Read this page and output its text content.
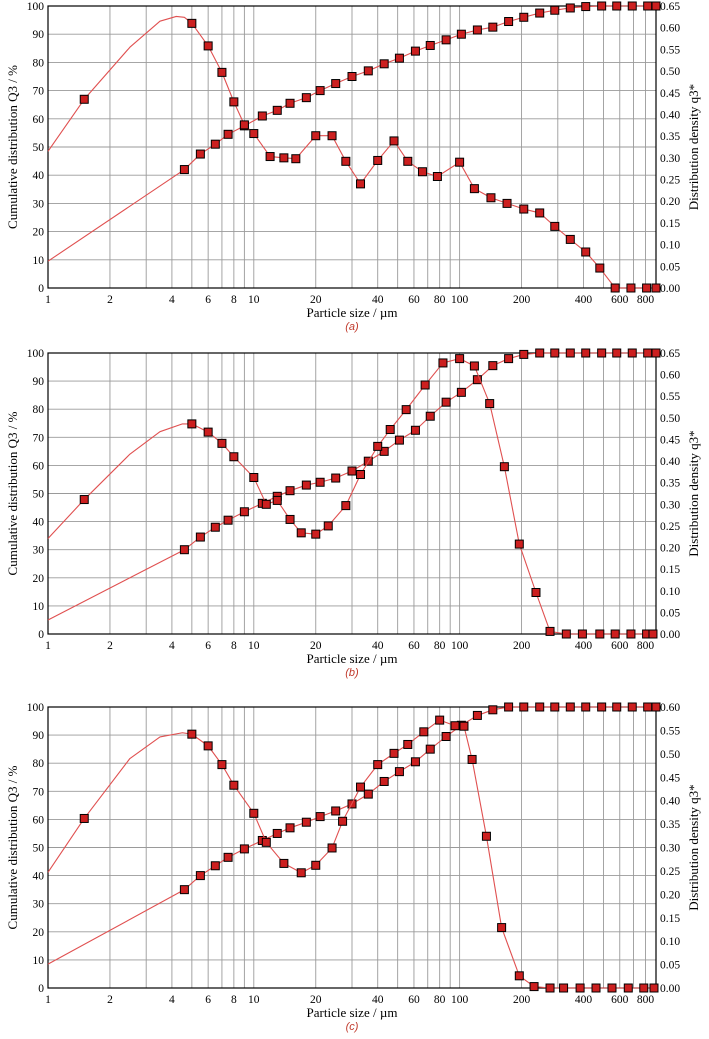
1	2	4	6 8 10	20	40 60 80 100	200	400 600 800
0
10
20
30
40
50
60
70
80
90
100
0.00
0.05
0.10
0.15
0.20
0.25
0.30
0.35
0.40
0.45
0.50
0.55
0.60
0.65
Particle size / µm
Cumulative distribution Q3 / %	Distribution density q3*
(a)
1	2	4	6 8 10	20	40 60 80 100	200	400 600 800
0
10
20
30
40
50
60
70
80
90
100
0.00
0.05
0.10
0.15
0.20
0.25
0.30
0.35
0.40
0.45
0.50
0.55
0.60
0.65
Particle size / µm
Cumulative distribution Q3 / %	Distribution density q3*
(b)
1	2	4	6 8 10	20	40 60 80 100	200	400 600 800
0
10
20
30
40
50
60
70
80
90
100
0.00
0.05
0.10
0.15
0.20
0.25
0.30
0.35
0.40
0.45
0.50
0.55
0.60
Particle size / µm
Cumulative distribution Q3 / %	Distribution density q3*
(c)
